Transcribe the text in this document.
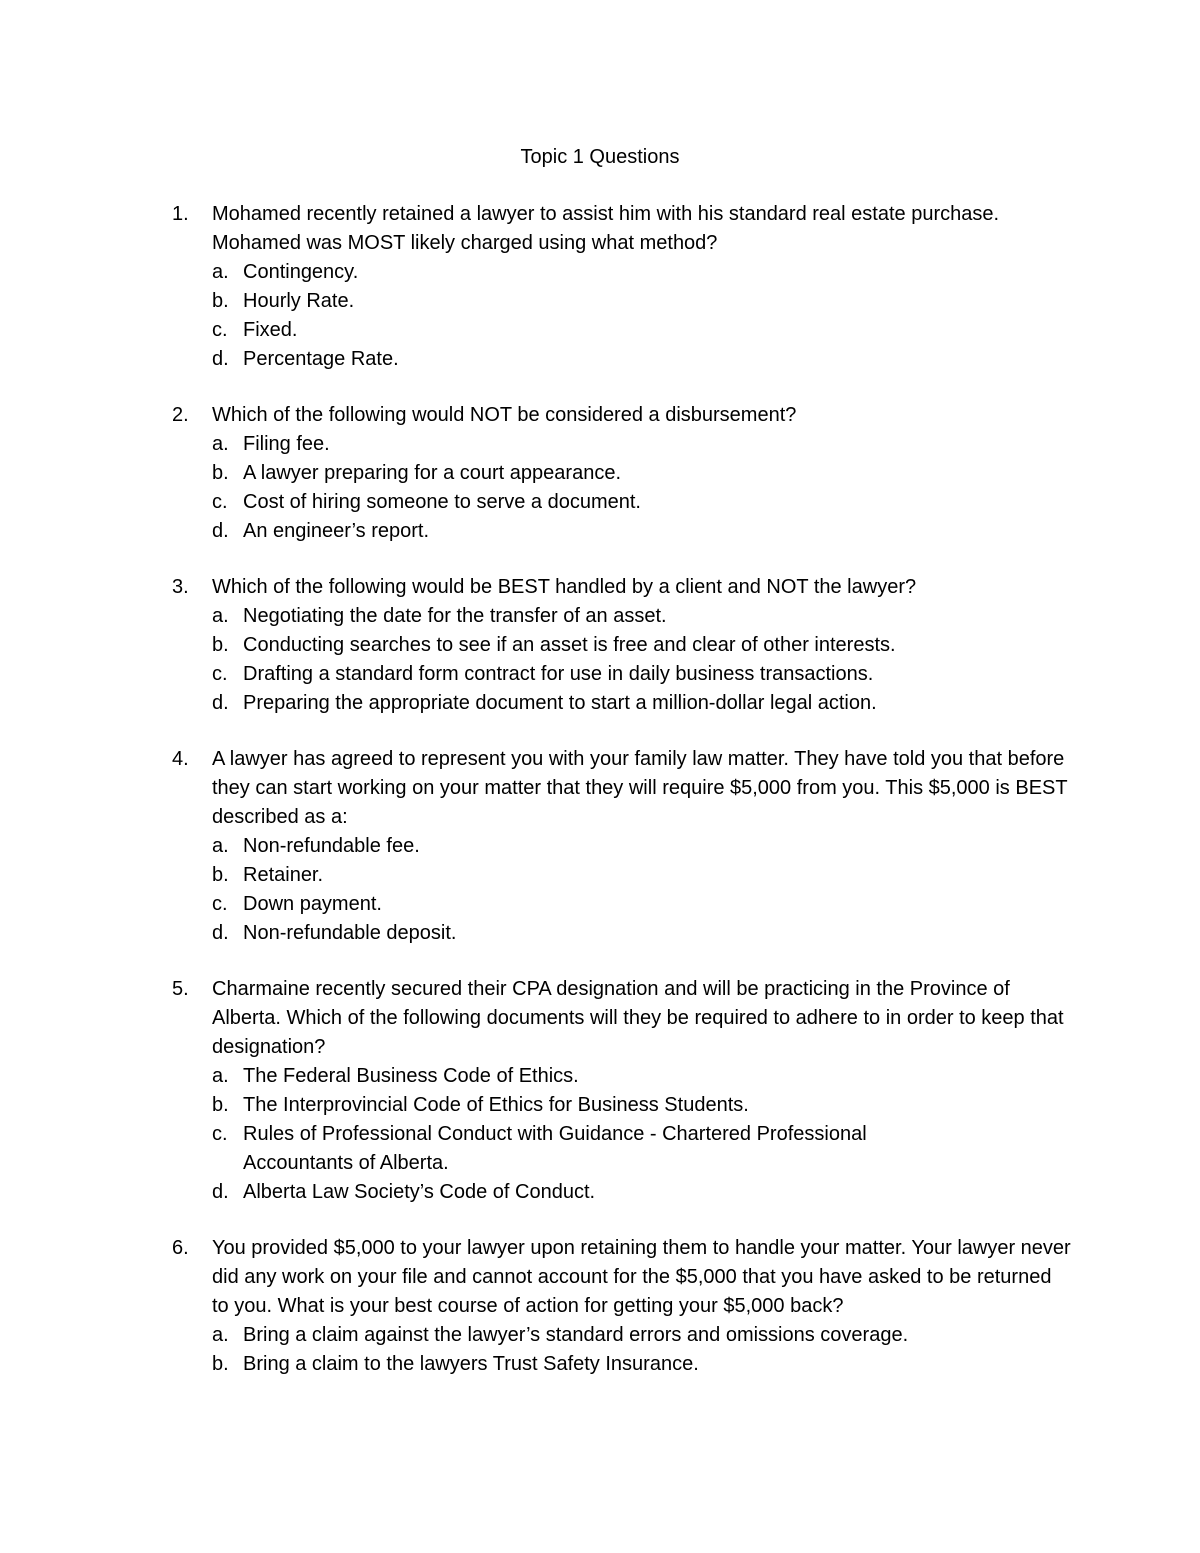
Topic 1 Questions
1.	Mohamed recently retained a lawyer to assist him with his standard real estate purchase. Mohamed was MOST likely charged using what method?
a. Contingency.
b. Hourly Rate.
c. Fixed.
d. Percentage Rate.
2.	Which of the following would NOT be considered a disbursement?
a. Filing fee.
b. A lawyer preparing for a court appearance.
c. Cost of hiring someone to serve a document.
d. An engineer’s report.
3.	Which of the following would be BEST handled by a client and NOT the lawyer?
a. Negotiating the date for the transfer of an asset.
b. Conducting searches to see if an asset is free and clear of other interests.
c. Drafting a standard form contract for use in daily business transactions.
d. Preparing the appropriate document to start a million-dollar legal action.
4.	A lawyer has agreed to represent you with your family law matter. They have told you that before they can start working on your matter that they will require $5,000 from you. This $5,000 is BEST described as a:
a. Non-refundable fee.
b. Retainer.
c. Down payment.
d. Non-refundable deposit.
5.	Charmaine recently secured their CPA designation and will be practicing in the Province of Alberta. Which of the following documents will they be required to adhere to in order to keep that designation?
a. The Federal Business Code of Ethics.
b. The Interprovincial Code of Ethics for Business Students.
c. Rules of Professional Conduct with Guidance - Chartered Professional Accountants of Alberta.
d. Alberta Law Society’s Code of Conduct.
6.	You provided $5,000 to your lawyer upon retaining them to handle your matter. Your lawyer never did any work on your file and cannot account for the $5,000 that you have asked to be returned to you. What is your best course of action for getting your $5,000 back?
a. Bring a claim against the lawyer’s standard errors and omissions coverage.
b. Bring a claim to the lawyers Trust Safety Insurance.
